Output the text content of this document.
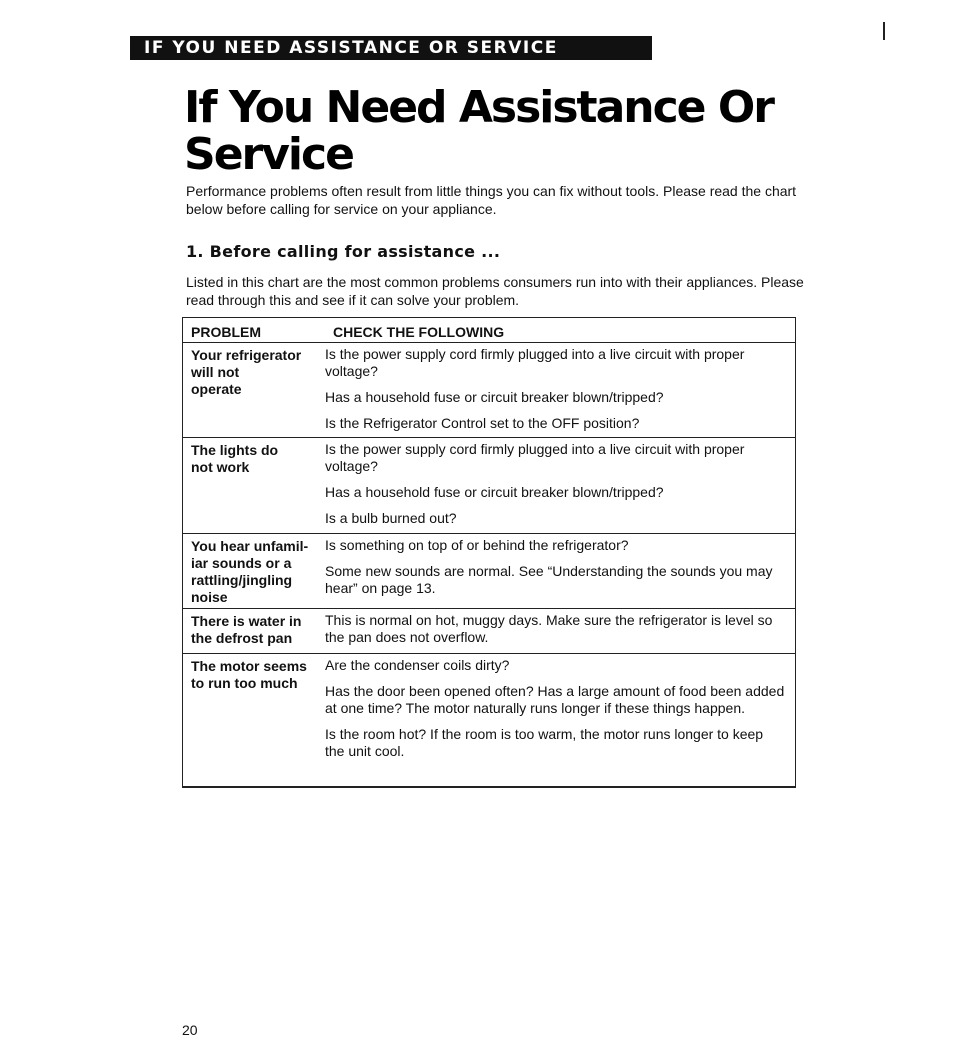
IF YOU NEED ASSISTANCE OR SERVICE
If You Need Assistance Or
Service

Performance problems often result from little things you can fix without tools. Please read the chart below before calling for service on your appliance.

1. Before calling for assistance ...

Listed in this chart are the most common problems consumers run into with their appliances. Please read through this and see if it can solve your problem.

PROBLEM	CHECK THE FOLLOWING
Your refrigerator
will not
operate

Is the power supply cord firmly plugged into a live circuit with proper voltage?

Has a household fuse or circuit breaker blown/tripped?

Is the Refrigerator Control set to the OFF position?

The lights do
not work

Is the power supply cord firmly plugged into a live circuit with proper voltage?

Has a household fuse or circuit breaker blown/tripped?

Is a bulb burned out?

You hear unfamil-
iar sounds or a
rattling/jingling
noise

Is something on top of or behind the refrigerator?

Some new sounds are normal. See “Understanding the sounds you may hear” on page 13.

There is water in
the defrost pan

This is normal on hot, muggy days. Make sure the refrigerator is level so the pan does not overflow.

The motor seems
to run too much

Are the condenser coils dirty?

Has the door been opened often? Has a large amount of food been added at one time? The motor naturally runs longer if these things happen.

Is the room hot? If the room is too warm, the motor runs longer to keep the unit cool.

20
